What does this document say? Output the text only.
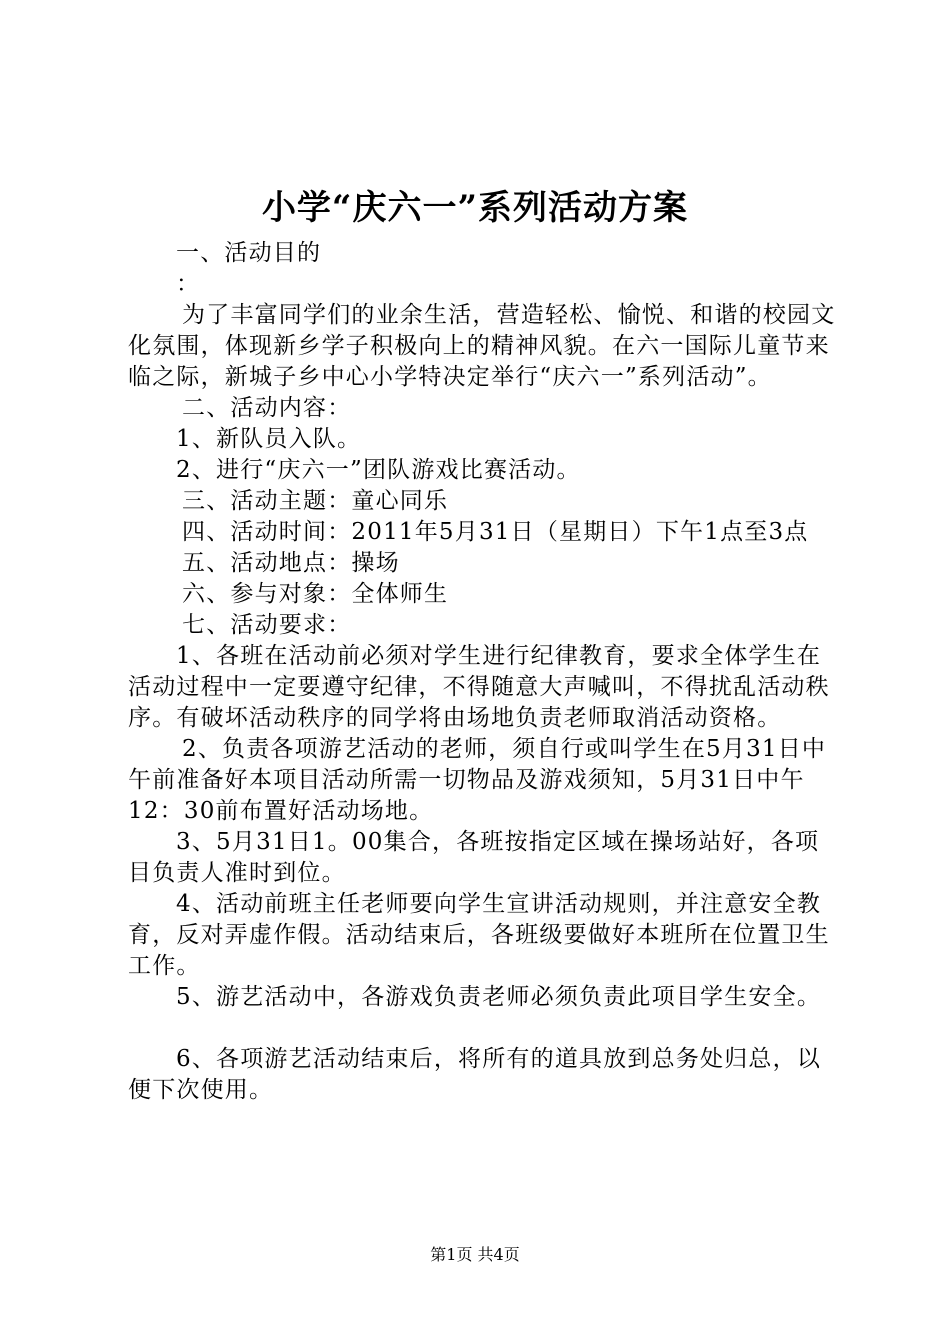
小学“庆六一”系列活动方案

一、活动目的

：

为了丰富同学们的业余生活，营造轻松、愉悦、和谐的校园文化氛围，体现新乡学子积极向上的精神风貌。在六一国际儿童节来临之际，新城子乡中心小学特决定举行“庆六一”系列活动”。

二、活动内容：

1、新队员入队。

2、进行“庆六一”团队游戏比赛活动。

三、活动主题：童心同乐

四、活动时间：2011年5月31日（星期日）下午1点至3点

五、活动地点：操场

六、参与对象：全体师生

七、活动要求：

1、各班在活动前必须对学生进行纪律教育，要求全体学生在活动过程中一定要遵守纪律，不得随意大声喊叫，不得扰乱活动秩序。有破坏活动秩序的同学将由场地负责老师取消活动资格。

2、负责各项游艺活动的老师，须自行或叫学生在5月31日中午前准备好本项目活动所需一切物品及游戏须知，5月31日中午12：30前布置好活动场地。

3、5月31日1。00集合，各班按指定区域在操场站好，各项目负责人准时到位。

4、活动前班主任老师要向学生宣讲活动规则，并注意安全教育，反对弄虚作假。活动结束后，各班级要做好本班所在位置卫生工作。

5、游艺活动中，各游戏负责老师必须负责此项目学生安全。

6、各项游艺活动结束后，将所有的道具放到总务处归总，以便下次使用。

第1页 共4页
